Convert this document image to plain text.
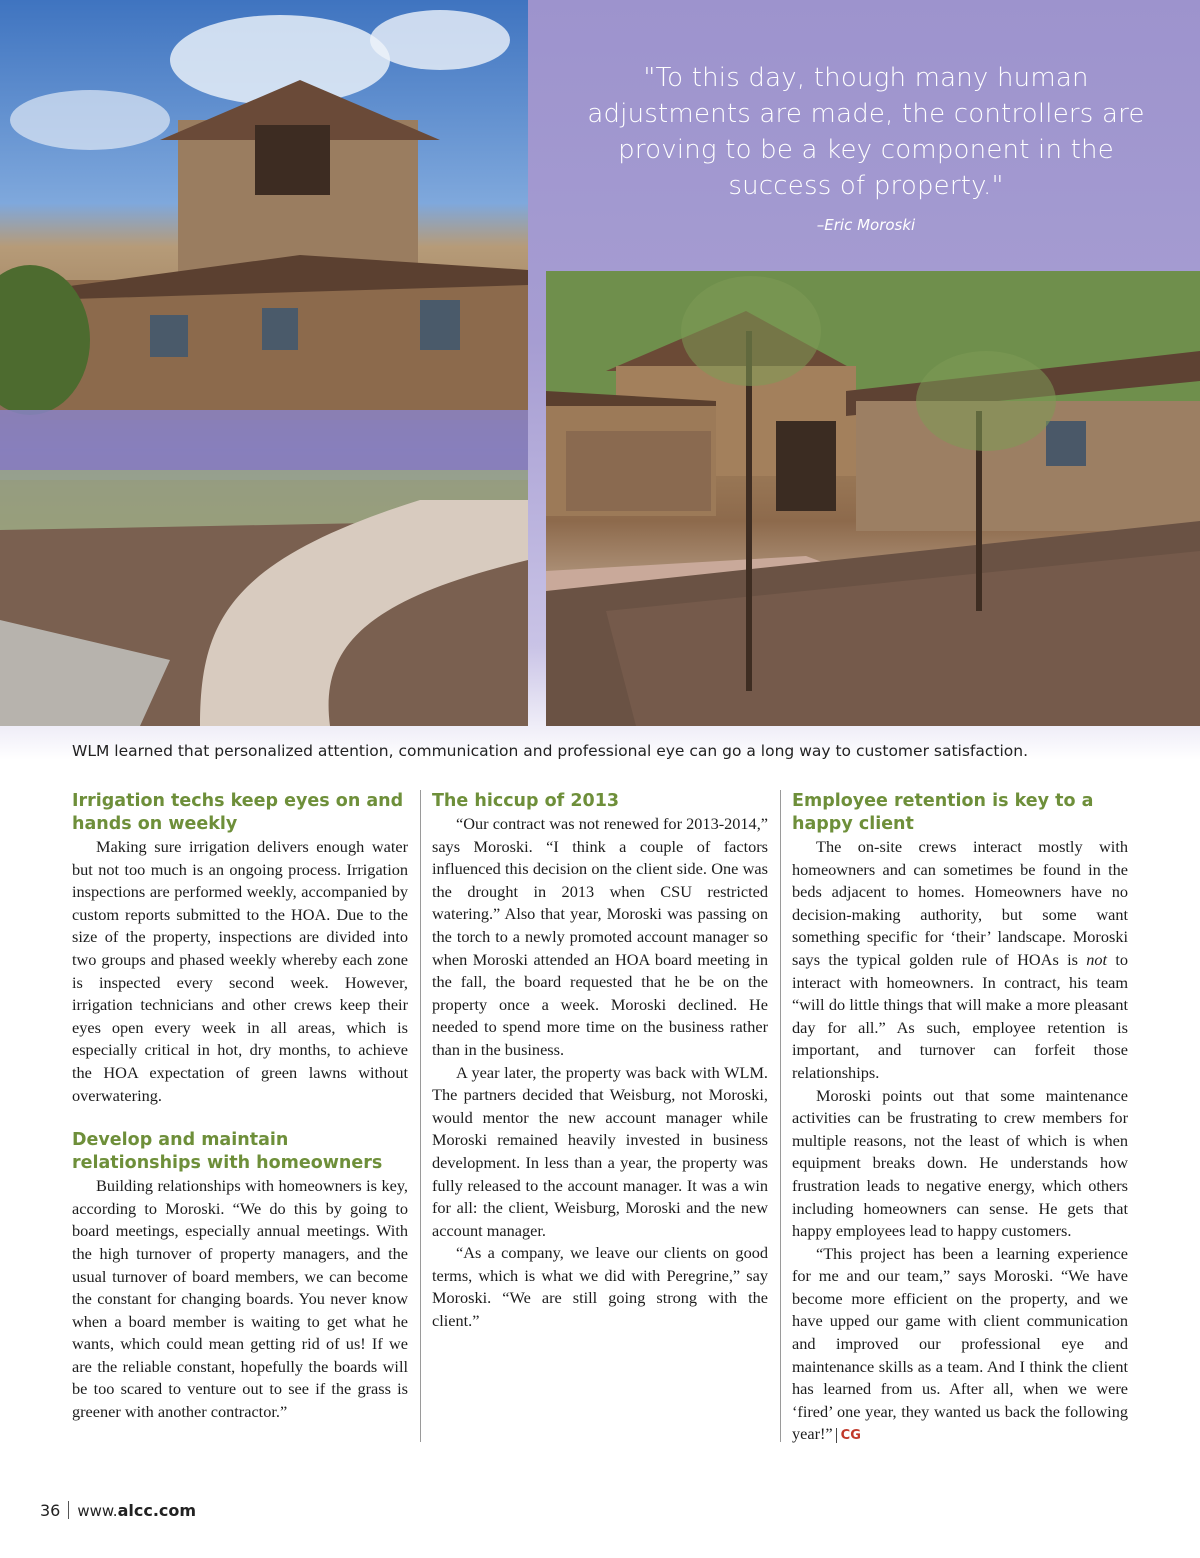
"To this day, though many human adjustments are made, the controllers are proving to be a key component in the success of property."
–Eric Moroski
WLM learned that personalized attention, communication and professional eye can go a long way to customer satisfaction.
Irrigation techs keep eyes on and hands on weekly

Making sure irrigation delivers enough water but not too much is an ongoing process. Irrigation inspections are performed weekly, accompanied by custom reports submitted to the HOA. Due to the size of the property, inspections are divided into two groups and phased weekly whereby each zone is inspected every second week. However, irrigation technicians and other crews keep their eyes open every week in all areas, which is especially critical in hot, dry months, to achieve the HOA expectation of green lawns without overwatering.

Develop and maintain relationships with homeowners

Building relationships with homeowners is key, according to Moroski. “We do this by going to board meetings, especially annual meetings. With the high turnover of property managers, and the usual turnover of board members, we can become the constant for changing boards. You never know when a board member is waiting to get what he wants, which could mean getting rid of us! If we are the reliable constant, hopefully the boards will be too scared to venture out to see if the grass is greener with another contractor.”

The hiccup of 2013

“Our contract was not renewed for 2013-2014,” says Moroski. “I think a couple of factors influenced this decision on the client side. One was the drought in 2013 when CSU restricted watering.” Also that year, Moroski was passing on the torch to a newly promoted account manager so when Moroski attended an HOA board meeting in the fall, the board requested that he be on the property once a week. Moroski declined. He needed to spend more time on the business rather than in the business.

A year later, the property was back with WLM. The partners decided that Weisburg, not Moroski, would mentor the new account manager while Moroski remained heavily invested in business development. In less than a year, the property was fully released to the account manager. It was a win for all: the client, Weisburg, Moroski and the new account manager.

“As a company, we leave our clients on good terms, which is what we did with Peregrine,” say Moroski. “We are still going strong with the client.”

Employee retention is key to a happy client

The on-site crews interact mostly with homeowners and can sometimes be found in the beds adjacent to homes. Homeowners have no decision-making authority, but some want something specific for ‘their’ landscape. Moroski says the typical golden rule of HOAs is not to interact with homeowners. In contract, his team “will do little things that will make a more pleasant day for all.” As such, employee retention is important, and turnover can forfeit those relationships.

Moroski points out that some maintenance activities can be frustrating to crew members for multiple reasons, not the least of which is when equipment breaks down. He understands how frustration leads to negative energy, which others including homeowners can sense. He gets that happy employees lead to happy customers.

“This project has been a learning experience for me and our team,” says Moroski. “We have become more efficient on the property, and we have upped our game with client communication and improved our professional eye and maintenance skills as a team. And I think the client has learned from us. After all, when we were ‘fired’ one year, they wanted us back the following year!” CG

36 www.alcc.com
